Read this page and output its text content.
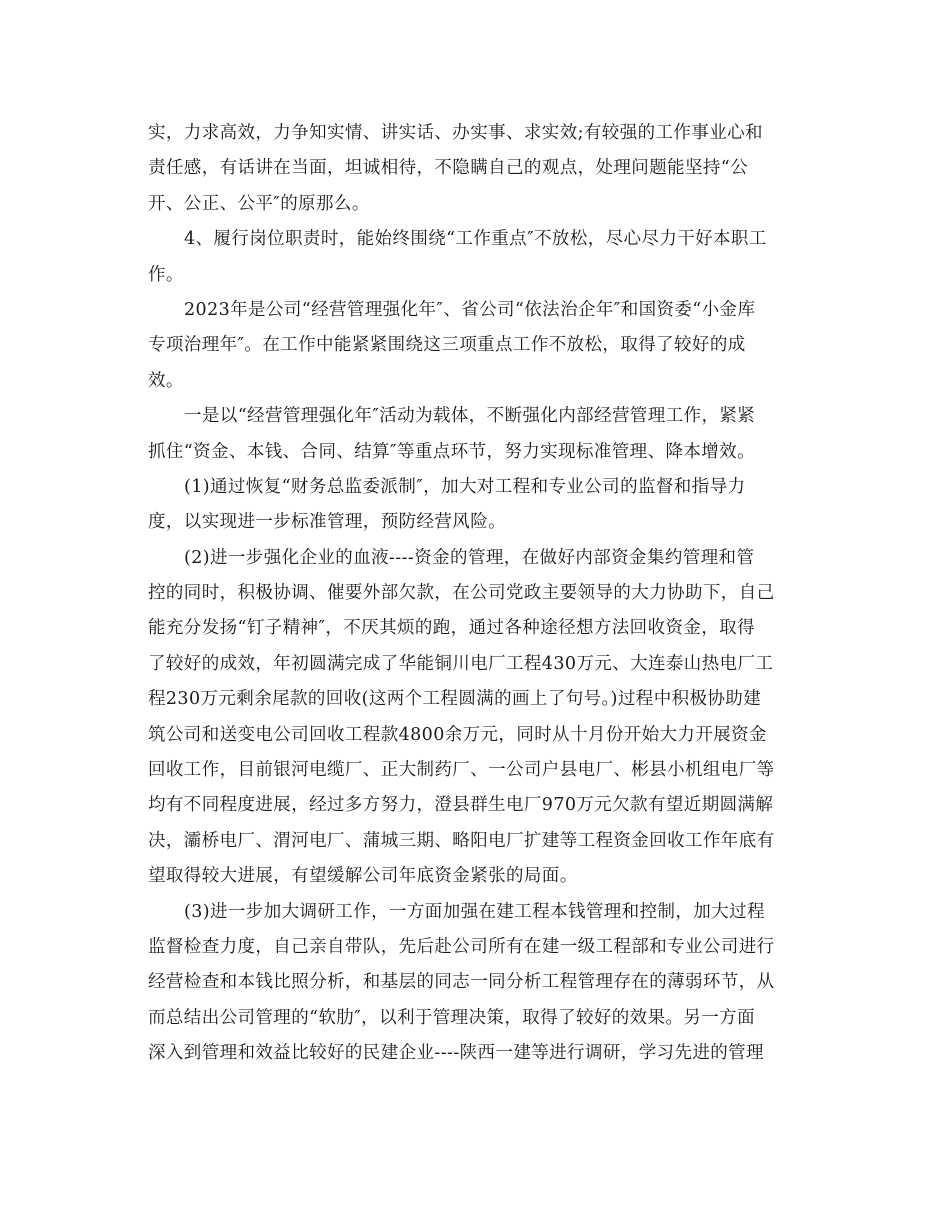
实，力求高效，力争知实情、讲实话、办实事、求实效;有较强的工作事业心和
责任感，有话讲在当面，坦诚相待，不隐瞒自己的观点，处理问题能坚持“公
开、公正、公平″的原那么。
4、履行岗位职责时，能始终围绕“工作重点″不放松，尽心尽力干好本职工
作。
2023年是公司“经营管理强化年″、省公司“依法治企年″和国资委“小金库
专项治理年″。在工作中能紧紧围绕这三项重点工作不放松，取得了较好的成
效。
一是以“经营管理强化年″活动为载体，不断强化内部经营管理工作，紧紧
抓住“资金、本钱、合同、结算″等重点环节，努力实现标准管理、降本增效。
(1)通过恢复“财务总监委派制″，加大对工程和专业公司的监督和指导力
度，以实现进一步标准管理，预防经营风险。
(2)进一步强化企业的血液----资金的管理，在做好内部资金集约管理和管
控的同时，积极协调、催要外部欠款，在公司党政主要领导的大力协助下，自己
能充分发扬“钉子精神″，不厌其烦的跑，通过各种途径想方法回收资金，取得
了较好的成效，年初圆满完成了华能铜川电厂工程430万元、大连泰山热电厂工
程230万元剩余尾款的回收(这两个工程圆满的画上了句号。)过程中积极协助建
筑公司和送变电公司回收工程款4800余万元，同时从十月份开始大力开展资金
回收工作，目前银河电缆厂、正大制药厂、一公司户县电厂、彬县小机组电厂等
均有不同程度进展，经过多方努力，澄县群生电厂970万元欠款有望近期圆满解
决，灞桥电厂、渭河电厂、蒲城三期、略阳电厂扩建等工程资金回收工作年底有
望取得较大进展，有望缓解公司年底资金紧张的局面。
(3)进一步加大调研工作，一方面加强在建工程本钱管理和控制，加大过程
监督检查力度，自己亲自带队，先后赴公司所有在建一级工程部和专业公司进行
经营检查和本钱比照分析，和基层的同志一同分析工程管理存在的薄弱环节，从
而总结出公司管理的“软肋″，以利于管理决策，取得了较好的效果。另一方面
深入到管理和效益比较好的民建企业----陕西一建等进行调研，学习先进的管理
